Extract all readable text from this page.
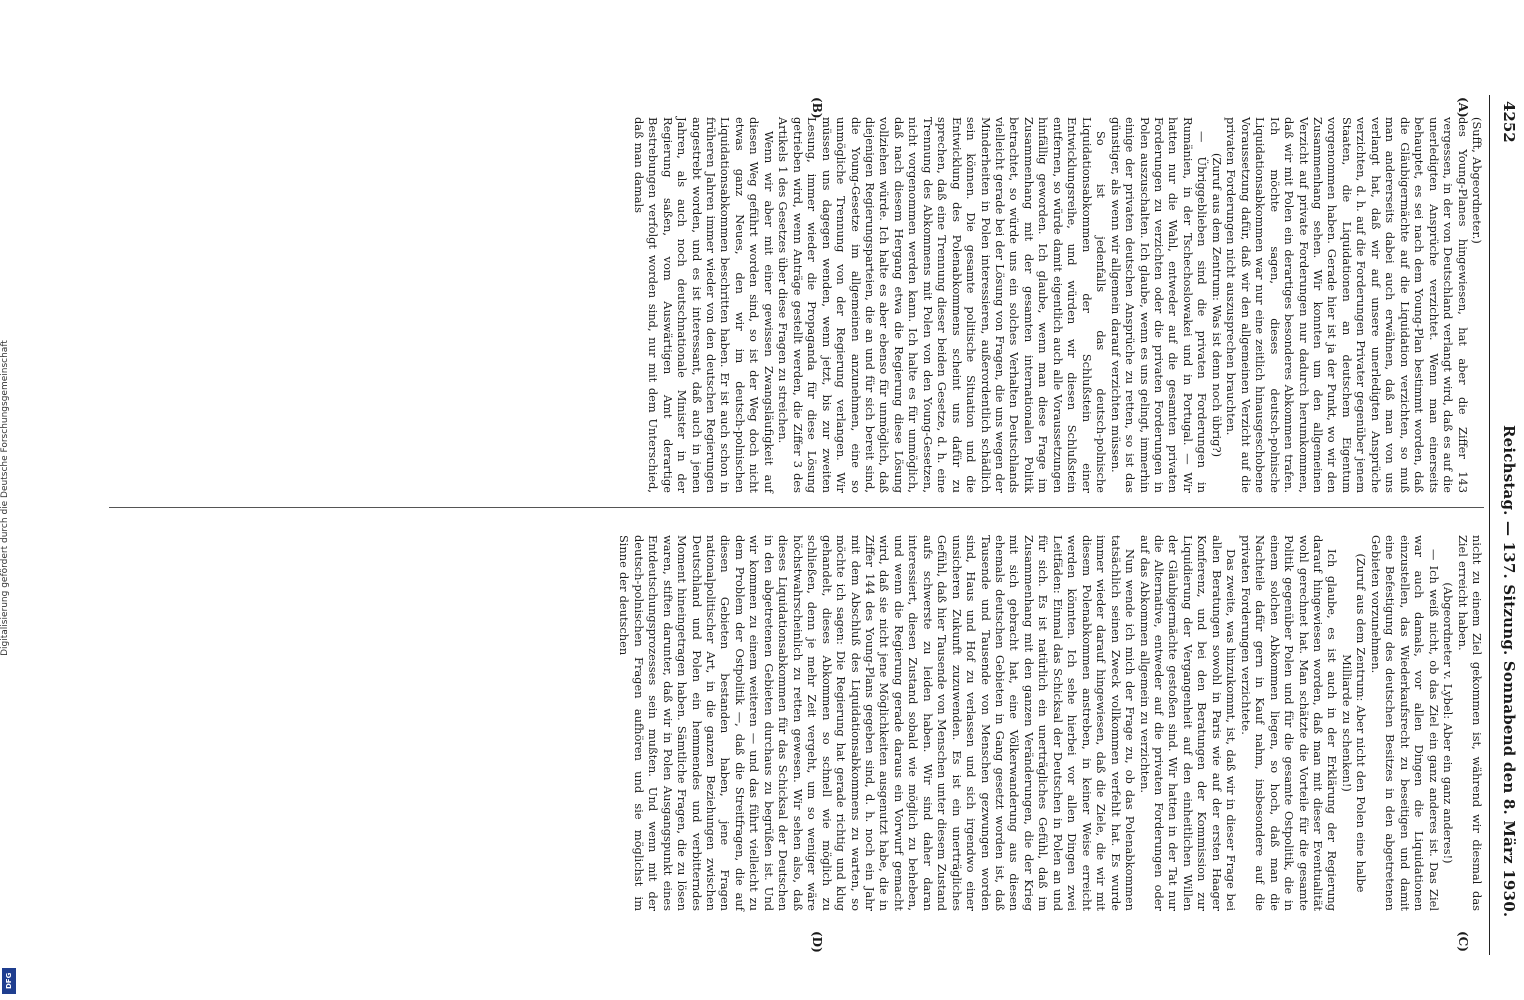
4252
Reichstag. — 137. Sitzung. Sonnabend den 8. März 1930.
(A)
(B)
(C)
(D)

(Sufft, Abgeordneter.)

des Young-Planes hingewiesen, hat aber die Ziffer 143 vergessen, in der von Deutschland verlangt wird, daß es auf die unerledigten Ansprüche verzichtet. Wenn man einerseits behauptet, es sei nach dem Young-Plan bestimmt worden, daß die Gläubigermächte auf die Liquidation verzichten, so muß man andererseits dabei auch erwähnen, daß man von uns verlangt hat, daß wir auf unsere unerledigten Ansprüche verzichten, d. h. auf die Forderungen Privater gegenüber jenem Staaten, die Liquidationen an deutschem Eigentum vorgenommen haben. Gerade hier ist ja der Punkt, wo wir den Zusammenhang sehen. Wir konnten um den allgemeinen Verzicht auf private Forderungen nur dadurch herumkommen, daß wir mit Polen ein derartiges besonderes Abkommen trafen. Ich möchte sagen, dieses deutsch-polnische Liquidationsabkommen war nur eine zeitlich hinausgeschobene Voraussetzung dafür, daß wir den allgemeinen Verzicht auf die privaten Forderungen nicht auszusprechen brauchten.

(Zuruf aus dem Zentrum: Was ist denn noch übrig?)

— Übriggeblieben sind die privaten Forderungen in Rumänien, in der Tschechoslowakei und in Portugal. — Wir hatten nur die Wahl, entweder auf die gesamten privaten Forderungen zu verzichten oder die privaten Forderungen in Polen auszuschalten. Ich glaube, wenn es uns gelingt, immerhin einige der privaten deutschen Ansprüche zu retten, so ist das günstiger, als wenn wir allgemein darauf verzichten müssen.

So ist jedenfalls das deutsch-polnische Liquidationsabkommen der Schlußstein einer Entwicklungsreihe, und würden wir diesen Schlußstein entfernen, so würde damit eigentlich auch alle Voraussetzungen hinfällig geworden. Ich glaube, wenn man diese Frage im Zusammenhang mit der gesamten internationalen Politik betrachtet, so würde uns ein solches Verhalten Deutschlands vielleicht gerade bei der Lösung von Fragen, die uns wegen der Minderheiten in Polen interessieren, außerordentlich schädlich sein können. Die gesamte politische Situation und die Entwicklung des Polenabkommens scheint uns dafür zu sprechen, daß eine Trennung dieser beiden Gesetze, d. h. eine Trennung des Abkommens mit Polen von den Young-Gesetzen, nicht vorgenommen werden kann. Ich halte es für unmöglich, daß nach diesem Hergang etwa die Regierung diese Lösung vollziehen würde. Ich halte es aber ebenso für unmöglich, daß diejenigen Regierungsparteien, die an und für sich bereit sind, die Young-Gesetze im allgemeinen anzunehmen, eine so unmögliche Trennung von der Regierung verlangen. Wir müssen uns dagegen wenden, wenn jetzt, bis zur zweiten Lesung, immer wieder die Propaganda für diese Lösung getrieben wird, wenn Anträge gestellt werden, die Ziffer 3 des Artikels 1 des Gesetzes über diese Fragen zu streichen.

Wenn wir aber mit einer gewissen Zwangsläufigkeit auf diesen Weg geführt worden sind, so ist der Weg doch nicht etwas ganz Neues, den wir im deutsch-polnischen Liquidationsabkommen beschritten haben. Er ist auch schon in früheren Jahren immer wieder von den deutschen Regierungen angestrebt worden, und es ist interessant, daß auch in jenen Jahren, als auch noch deutschnationale Minister in der Regierung saßen, vom Auswärtigen Amt derartige Bestrebungen verfolgt worden sind, nur mit dem Unterschied, daß man damals

nicht zu einem Ziel gekommen ist, während wir diesmal das Ziel erreicht haben.

(Abgeordneter v. Lybel: Aber ein ganz anderes!)

— Ich weiß nicht, ob das Ziel ein ganz anderes ist. Das Ziel war auch damals, vor allen Dingen die Liquidationen einzustellen, das Wiederkaufsrecht zu beseitigen und damit eine Befestigung des deutschen Besitzes in den abgetretenen Gebieten vorzunehmen.

(Zuruf aus dem Zentrum: Aber nicht den Polen eine halbe Milliarde zu schenken!)

Ich glaube, es ist auch in der Erklärung der Regierung darauf hingewiesen worden, daß man mit dieser Eventualität wohl gerechnet hat. Man schätzte die Vorteile für die gesamte Politik gegenüber Polen und für die gesamte Ostpolitik, die in einem solchen Abkommen liegen, so hoch, daß man die Nachteile dafür gern in Kauf nahm, insbesondere auf die privaten Forderungen verzichtete.

Das zweite, was hinzukommt, ist, daß wir in dieser Frage bei allen Beratungen sowohl in Paris wie auf der ersten Haager Konferenz, und bei den Beratungen der Kommission zur Liquidierung der Vergangenheit auf den einheitlichen Willen der Gläubigermächte gestoßen sind. Wir hatten in der Tat nur die Alternative, entweder auf die privaten Forderungen oder auf das Abkommen allgemein zu verzichten.

Nun wende ich mich der Frage zu, ob das Polenabkommen tatsächlich seinen Zweck vollkommen verfehlt hat. Es wurde immer wieder darauf hingewiesen, daß die Ziele, die wir mit diesem Polenabkommen anstreben, in keiner Weise erreicht werden könnten. Ich sehe hierbei vor allen Dingen zwei Leitfäden: Einmal das Schicksal der Deutschen in Polen an und für sich. Es ist natürlich ein unerträgliches Gefühl, daß im Zusammenhang mit den ganzen Veränderungen, die der Krieg mit sich gebracht hat, eine Völkerwanderung aus diesen ehemals deutschen Gebieten in Gang gesetzt worden ist, daß Tausende und Tausende von Menschen gezwungen worden sind, Haus und Hof zu verlassen und sich irgendwo einer unsicheren Zukunft zuzuwenden. Es ist ein unerträgliches Gefühl, daß hier Tausende von Menschen unter diesem Zustand aufs schwerste zu leiden haben. Wir sind daher daran interessiert, diesen Zustand sobald wie möglich zu beheben, und wenn die Regierung gerade daraus ein Vorwurf gemacht wird, daß sie nicht jene Möglichkeiten ausgenutzt habe, die in Ziffer 144 des Young-Plans gegeben sind, d. h. noch ein Jahr mit dem Abschluß des Liquidationsabkommens zu warten, so möchte ich sagen: Die Regierung hat gerade richtig und klug gehandelt, dieses Abkommen so schnell wie möglich zu schließen, denn je mehr Zeit vergeht, um so weniger wäre höchstwahrscheinlich zu retten gewesen. Wir sehen also, daß dieses Liquidationsabkommen für das Schicksal der Deutschen in den abgetretenen Gebieten durchaus zu begrüßen ist. Und wir kommen zu einem weiteren — und das führt vielleicht zu dem Problem der Ostpolitik —, daß die Streitfragen, die auf diesen Gebieten bestanden haben, jene Fragen nationalpolitischer Art, in die ganzen Beziehungen zwischen Deutschland und Polen ein hemmendes und verbitterndes Moment hineingetragen haben. Sämtliche Fragen, die zu lösen waren, stiften darunter, daß wir in Polen Ausgangspunkt eines Entdeutschungsprozesses sein mußten. Und wenn mit der deutsch-polnischen Fragen aufhören und sie möglichst im Sinne der deutschen

Digitalisierung gefördert durch die Deutsche Forschungsgemeinschaft
DFG
